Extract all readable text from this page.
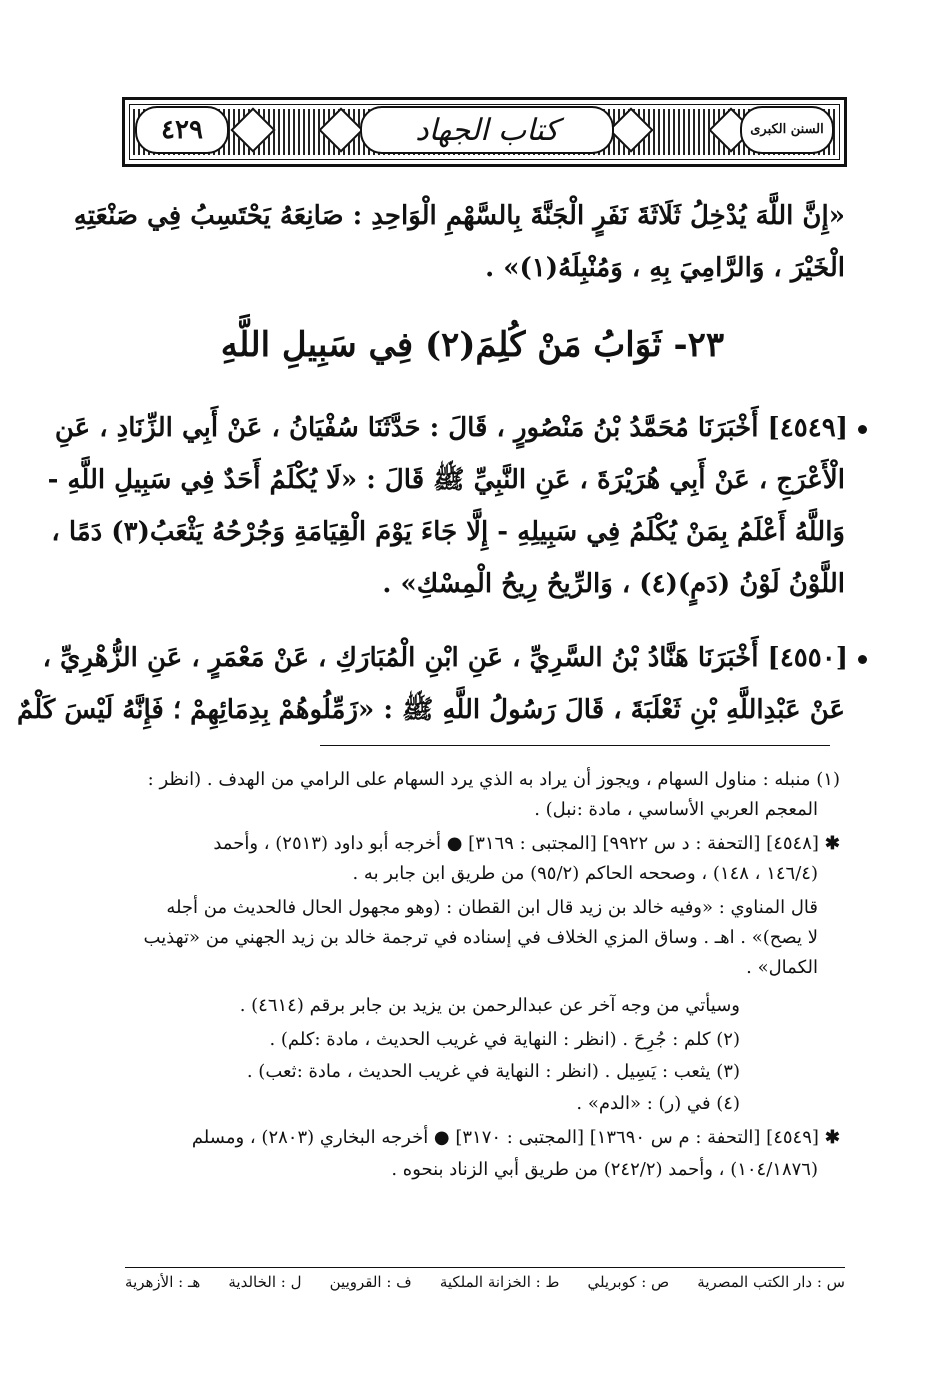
٤٢٩	كتاب الجهاد	السنن الكبرى
«إِنَّ اللَّهَ يُدْخِلُ ثَلَاثَةَ نَفَرٍ الْجَنَّةَ بِالسَّهْمِ الْوَاحِدِ : صَانِعَهُ يَحْتَسِبُ فِي صَنْعَتِهِ
الْخَيْرَ ، وَالرَّامِيَ بِهِ ، وَمُنْبِلَهُ(١)» .
٢٣- ثَوَابُ مَنْ كُلِمَ(٢) فِي سَبِيلِ اللَّهِ
[٤٥٤٩] أَخْبَرَنَا مُحَمَّدُ بْنُ مَنْصُورٍ ، قَالَ : حَدَّثَنَا سُفْيَانُ ، عَنْ أَبِي الزِّنَادِ ، عَنِ
الْأَعْرَجِ ، عَنْ أَبِي هُرَيْرَةَ ، عَنِ النَّبِيِّ ﷺ قَالَ : «لَا يُكْلَمُ أَحَدٌ فِي سَبِيلِ اللَّهِ -
وَاللَّهُ أَعْلَمُ بِمَنْ يُكْلَمُ فِي سَبِيلِهِ - إِلَّا جَاءَ يَوْمَ الْقِيَامَةِ وَجُرْحُهُ يَثْعَبُ(٣) دَمًا ،
اللَّوْنُ لَوْنُ (دَمٍ)(٤) ، وَالرِّيحُ رِيحُ الْمِسْكِ» .
[٤٥٥٠] أَخْبَرَنَا هَنَّادُ بْنُ السَّرِيِّ ، عَنِ ابْنِ الْمُبَارَكِ ، عَنْ مَعْمَرٍ ، عَنِ الزُّهْرِيِّ ،
عَنْ عَبْدِاللَّهِ بْنِ ثَعْلَبَةَ ، قَالَ رَسُولُ اللَّهِ ﷺ : «زَمِّلُوهُمْ بِدِمَائِهِمْ ؛ فَإِنَّهُ لَيْسَ كَلْمٌ
(١) منبله : مناول السهام ، ويجوز أن يراد به الذي يرد السهام على الرامي من الهدف . (انظر :
المعجم العربي الأساسي ، مادة :نبل) .
✱[٤٥٤٨] [التحفة : د س ٩٩٢٢] [المجتبى : ٣١٦٩] ● أخرجه أبو داود (٢٥١٣) ، وأحمد
(١٤٦/٤ ، ١٤٨) ، وصححه الحاكم (٩٥/٢) من طريق ابن جابر به .
قال المناوي : «وفيه خالد بن زيد قال ابن القطان : (وهو مجهول الحال فالحديث من أجله
لا يصح)» . اهـ . وساق المزي الخلاف في إسناده في ترجمة خالد بن زيد الجهني من «تهذيب
الكمال» .
وسيأتي من وجه آخر عن عبدالرحمن بن يزيد بن جابر برقم (٤٦١٤) .
(٢) كلم : جُرِحَ . (انظر : النهاية في غريب الحديث ، مادة :كلم) .
(٣) يثعب : يَسِيل . (انظر : النهاية في غريب الحديث ، مادة :ثعب) .
(٤) في (ر) : «الدم» .
✱[٤٥٤٩] [التحفة : م س ١٣٦٩٠] [المجتبى : ٣١٧٠] ● أخرجه البخاري (٢٨٠٣) ، ومسلم
(١٠٤/١٨٧٦) ، وأحمد (٢٤٢/٢) من طريق أبي الزناد بنحوه .
س : دار الكتب المصرية
ص : كوبريلي
ط : الخزانة الملكية
ف : القرويين
ل : الخالدية
هـ : الأزهرية
